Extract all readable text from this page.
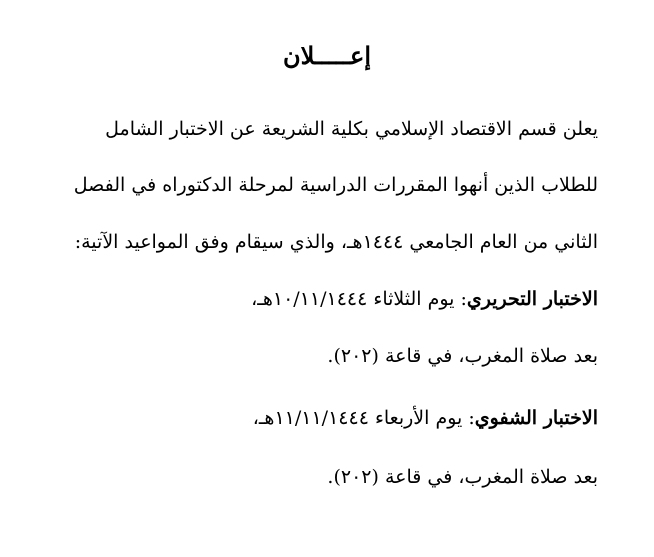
إعـــــلان

يعلن قسم الاقتصاد الإسلامي بكلية الشريعة عن الاختبار الشامل

للطلاب الذين أنهوا المقررات الدراسية لمرحلة الدكتوراه في الفصل

الثاني من العام الجامعي ١٤٤٤هـ، والذي سيقام وفق المواعيد الآتية:

الاختبار التحريري: يوم الثلاثاء ١٠/١١/١٤٤٤هـ،

بعد صلاة المغرب، في قاعة (٢٠٢).

الاختبار الشفوي: يوم الأربعاء ١١/١١/١٤٤٤هـ،

بعد صلاة المغرب، في قاعة (٢٠٢).
